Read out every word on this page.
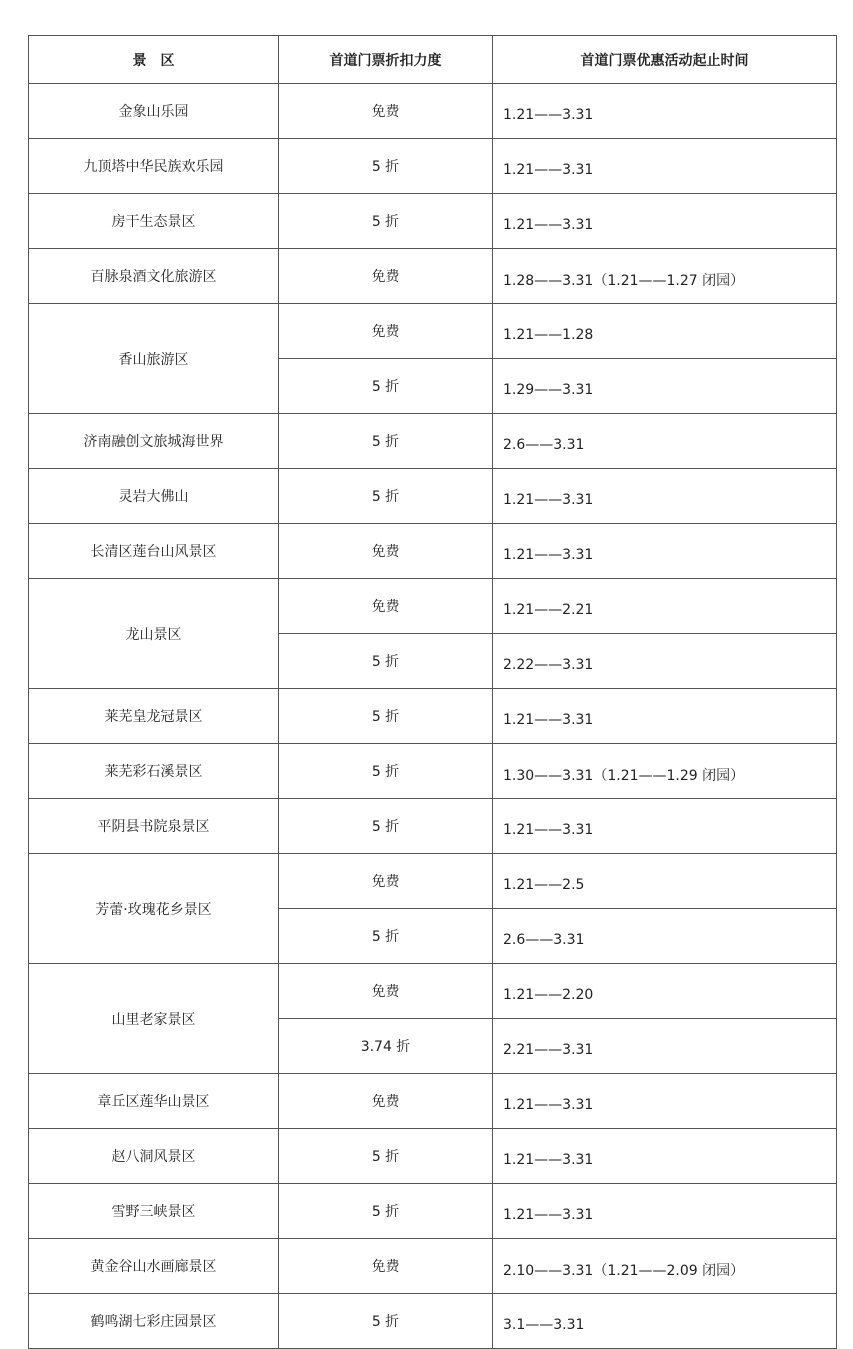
景　区	首道门票折扣力度	首道门票优惠活动起止时间
金象山乐园	免费	1.21——3.31
九顶塔中华民族欢乐园	5 折	1.21——3.31
房干生态景区	5 折	1.21——3.31
百脉泉酒文化旅游区	免费	1.28——3.31（1.21——1.27 闭园）
香山旅游区	免费	1.21——1.28
	5 折	1.29——3.31
济南融创文旅城海世界	5 折	2.6——3.31
灵岩大佛山	5 折	1.21——3.31
长清区莲台山风景区	免费	1.21——3.31
龙山景区	免费	1.21——2.21
	5 折	2.22——3.31
莱芜皇龙冠景区	5 折	1.21——3.31
莱芜彩石溪景区	5 折	1.30——3.31（1.21——1.29 闭园）
平阴县书院泉景区	5 折	1.21——3.31
芳蕾·玫瑰花乡景区	免费	1.21——2.5
	5 折	2.6——3.31
山里老家景区	免费	1.21——2.20
	3.74 折	2.21——3.31
章丘区莲华山景区	免费	1.21——3.31
赵八洞风景区	5 折	1.21——3.31
雪野三峡景区	5 折	1.21——3.31
黄金谷山水画廊景区	免费	2.10——3.31（1.21——2.09 闭园）
鹤鸣湖七彩庄园景区	5 折	3.1——3.31
